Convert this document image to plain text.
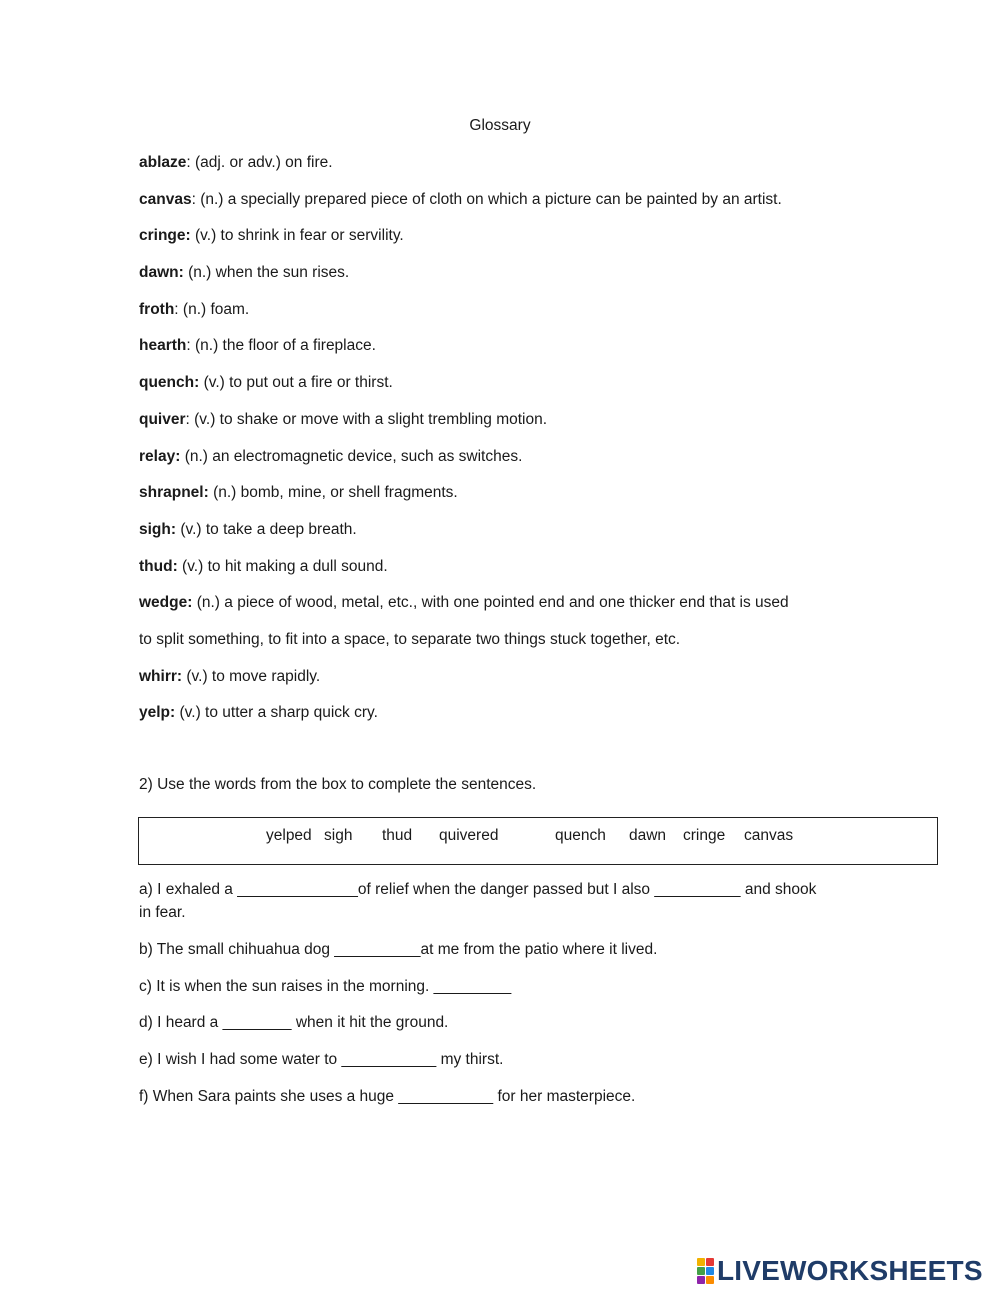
Glossary
ablaze: (adj. or adv.) on fire.
canvas: (n.) a specially prepared piece of cloth on which a picture can be painted by an artist.
cringe: (v.) to shrink in fear or servility.
dawn: (n.) when the sun rises.
froth: (n.) foam.
hearth: (n.) the floor of a fireplace.
quench: (v.) to put out a fire or thirst.
quiver: (v.) to shake or move with a slight trembling motion.
relay: (n.) an electromagnetic device, such as switches.
shrapnel: (n.) bomb, mine, or shell fragments.
sigh: (v.) to take a deep breath.
thud: (v.) to hit making a dull sound.
wedge: (n.) a piece of wood, metal, etc., with one pointed end and one thicker end that is used
to split something, to fit into a space, to separate two things stuck together, etc.
whirr: (v.) to move rapidly.
yelp: (v.) to utter a sharp quick cry.
2) Use the words from the box to complete the sentences.
yelped sigh thud quivered	quench dawn cringe canvas
a) I exhaled a ______________of relief when the danger passed but I also __________ and shook
in fear.
b) The small chihuahua dog __________at me from the patio where it lived.
c) It is when the sun raises in the morning. _________
d) I heard a ________ when it hit the ground.
e) I wish I had some water to ___________ my thirst.
f) When Sara paints she uses a huge ___________ for her masterpiece.
LIVEWORKSHEETS
